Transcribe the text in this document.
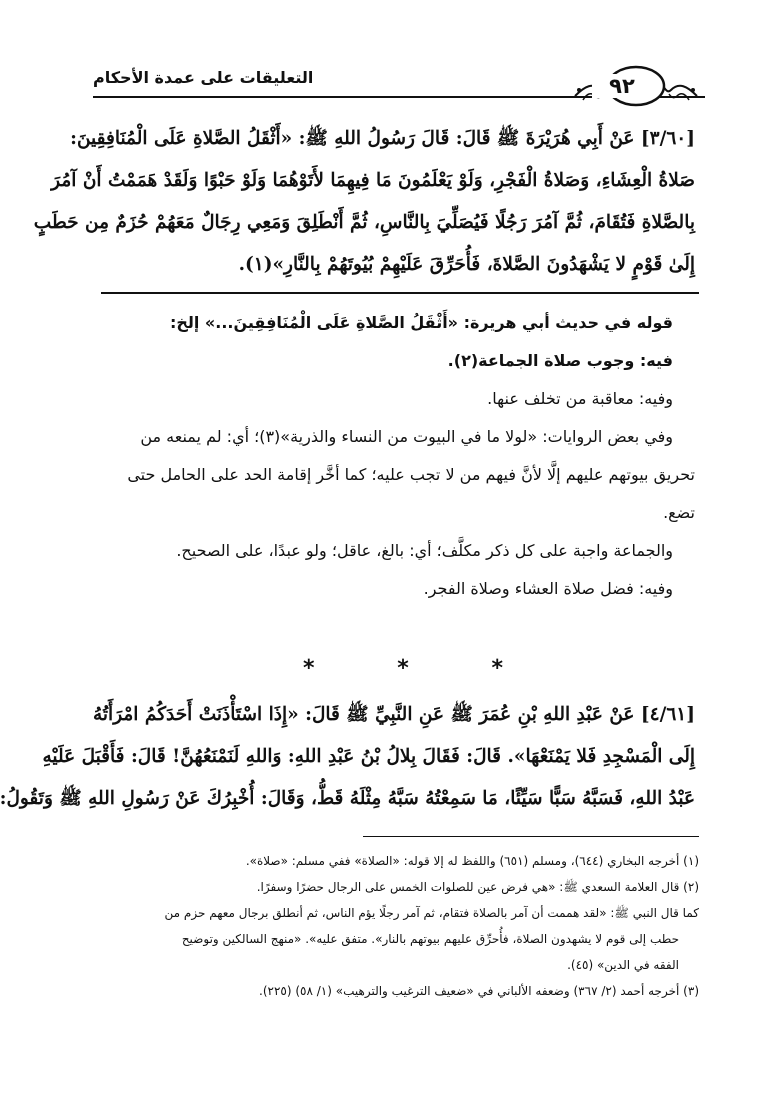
التعليقات على عمدة الأحكام	٩٢
[٣/٦٠] عَنْ أَبِي هُرَيْرَةَ ﷺ قَالَ: قَالَ رَسُولُ اللهِ ﷺ: «أَثْقَلُ الصَّلاةِ عَلَى الْمُنَافِقِينَ:
صَلاةُ الْعِشَاءِ، وَصَلاةُ الْفَجْرِ، وَلَوْ يَعْلَمُونَ مَا فِيهِمَا لأَتَوْهُمَا وَلَوْ حَبْوًا وَلَقَدْ هَمَمْتُ أَنْ آمُرَ
بِالصَّلاةِ فَتُقَامَ، ثُمَّ آمُرَ رَجُلًا فَيُصَلِّيَ بِالنَّاسِ، ثُمَّ أَنْطَلِقَ وَمَعِي رِجَالٌ مَعَهُمْ حُزَمٌ مِن حَطَبٍ
إِلَىٰ قَوْمٍ لا يَشْهَدُونَ الصَّلاةَ، فَأُحَرِّقَ عَلَيْهِمْ بُيُوتَهُمْ بِالنَّارِ»(١).

قوله في حديث أبي هريرة: «أَثْقَلُ الصَّلاةِ عَلَى الْمُنَافِقِينَ...» إلخ:

فيه: وجوب صلاة الجماعة(٢).

وفيه: معاقبة من تخلف عنها.

وفي بعض الروايات: «لولا ما في البيوت من النساء والذرية»(٣)؛ أي: لم يمنعه من

تحريق بيوتهم عليهم إلَّا لأنَّ فيهم من لا تجب عليه؛ كما أخَّر إقامة الحد على الحامل حتى

تضع.

والجماعة واجبة على كل ذكر مكلَّف؛ أي: بالغ، عاقل؛ ولو عبدًا، على الصحيح.

وفيه: فضل صلاة العشاء وصلاة الفجر.

*	*	*
[٤/٦١] عَنْ عَبْدِ اللهِ بْنِ عُمَرَ ﷺ عَنِ النَّبِيِّ ﷺ قَالَ: «إِذَا اسْتَأْذَنَتْ أَحَدَكُمُ امْرَأَتُهُ
إِلَى الْمَسْجِدِ فَلا يَمْنَعْهَا». قَالَ: فَقَالَ بِلالُ بْنُ عَبْدِ اللهِ: وَاللهِ لَنَمْنَعُهُنَّ! قَالَ: فَأَقْبَلَ عَلَيْهِ
عَبْدُ اللهِ، فَسَبَّهُ سَبًّا سَيِّئًا، مَا سَمِعْتُهُ سَبَّهُ مِثْلَهُ قَطُّ، وَقَالَ: أُخْبِرُكَ عَنْ رَسُولِ اللهِ ﷺ وَتَقُولُ:
(١) أخرجه البخاري (٦٤٤)، ومسلم (٦٥١) واللفظ له إلا قوله: «الصلاة» ففي مسلم: «صلاة».
(٢) قال العلامة السعدي ﷺ: «هي فرض عين للصلوات الخمس على الرجال حضرًا وسفرًا.
كما قال النبي ﷺ: «لقد هممت أن آمر بالصلاة فتقام، ثم آمر رجلًا يؤم الناس، ثم أنطلق برجال معهم حزم من
حطب إلى قوم لا يشهدون الصلاة، فأُحرِّق عليهم بيوتهم بالنار». متفق عليه». «منهج السالكين وتوضيح
الفقه في الدين» (٤٥).
(٣) أخرجه أحمد (٢/ ٣٦٧) وضعفه الألباني في «ضعيف الترغيب والترهيب» (١/ ٥٨) (٢٢٥).
